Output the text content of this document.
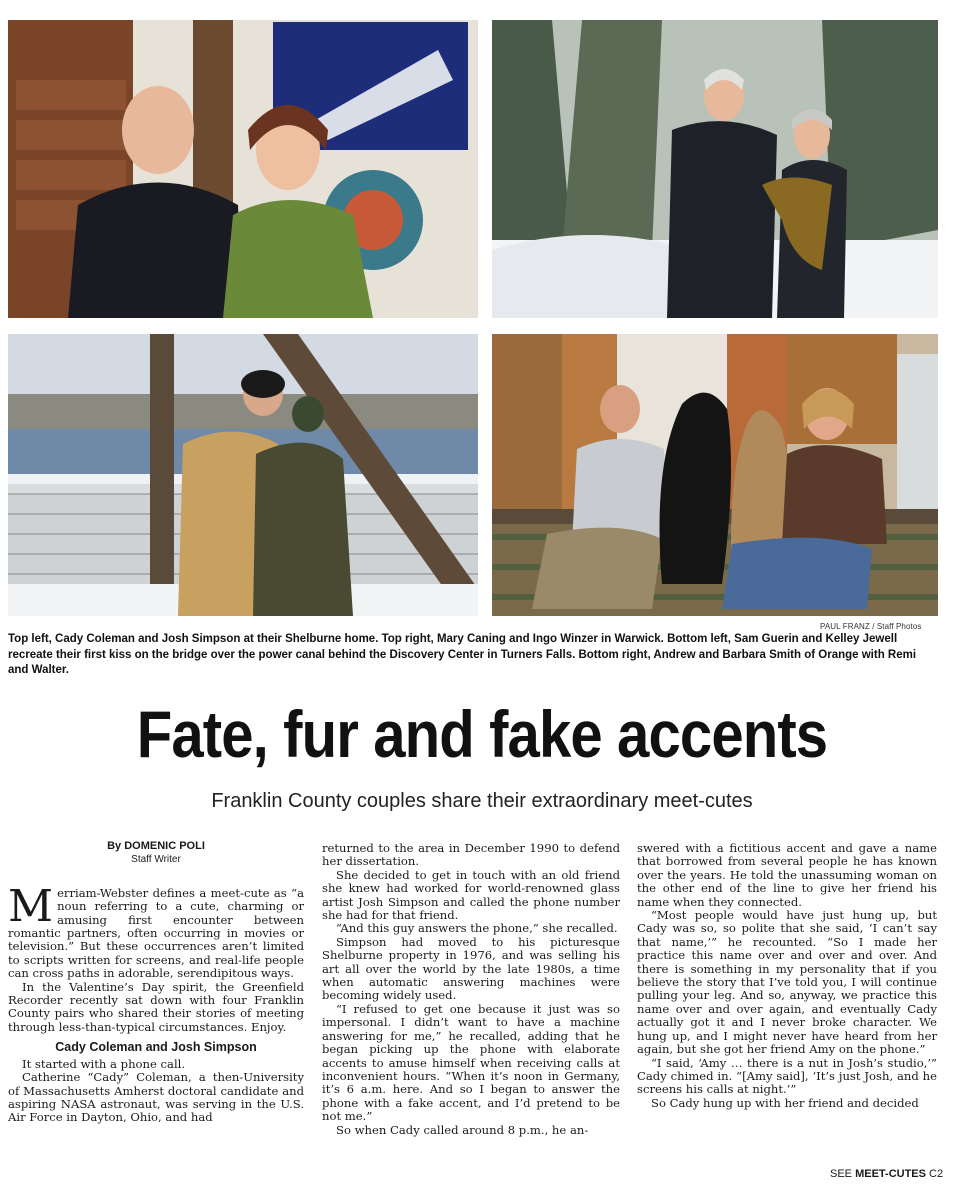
PAUL FRANZ / Staff Photos
Top left, Cady Coleman and Josh Simpson at their Shelburne home. Top right, Mary Caning and Ingo Winzer in Warwick. Bottom left, Sam Guerin and Kelley Jewell recreate their first kiss on the bridge over the power canal behind the Discovery Center in Turners Falls. Bottom right, Andrew and Barbara Smith of Orange with Remi and Walter.
Fate, fur and fake accents
Franklin County couples share their extraordinary meet-cutes
By DOMENIC POLI
Staff Writer

Merriam-Webster defines a meet-cute as “a noun referring to a cute, charming or amusing first encounter between romantic partners, often occurring in movies or television.” But these occurrences aren’t limited to scripts written for screens, and real-life people can cross paths in adorable, serendipitous ways.

In the Valentine’s Day spirit, the Greenfield Recorder recently sat down with four Franklin County pairs who shared their stories of meeting through less-than-typical circumstances. Enjoy.

Cady Coleman and Josh Simpson

It started with a phone call.

Catherine “Cady” Coleman, a then-University of Massachusetts Amherst doctoral candidate and aspiring NASA astronaut, was serving in the U.S. Air Force in Dayton, Ohio, and had

returned to the area in December 1990 to defend her dissertation.

She decided to get in touch with an old friend she knew had worked for world-renowned glass artist Josh Simpson and called the phone number she had for that friend.

“And this guy answers the phone,” she recalled.

Simpson had moved to his picturesque Shelburne property in 1976, and was selling his art all over the world by the late 1980s, a time when automatic answering machines were becoming widely used.

“I refused to get one because it just was so impersonal. I didn’t want to have a machine answering for me,” he recalled, adding that he began picking up the phone with elaborate accents to amuse himself when receiving calls at inconvenient hours. “When it’s noon in Germany, it’s 6 a.m. here. And so I began to answer the phone with a fake accent, and I’d pretend to be not me.”

So when Cady called around 8 p.m., he an-

swered with a fictitious accent and gave a name that borrowed from several people he has known over the years. He told the unassuming woman on the other end of the line to give her friend his name when they connected.

“Most people would have just hung up, but Cady was so, so polite that she said, ‘I can’t say that name,’” he recounted. “So I made her practice this name over and over and over. And there is something in my personality that if you believe the story that I’ve told you, I will continue pulling your leg. And so, anyway, we practice this name over and over again, and eventually Cady actually got it and I never broke character. We hung up, and I might never have heard from her again, but she got her friend Amy on the phone.”

“I said, ‘Amy … there is a nut in Josh’s studio,’” Cady chimed in. “[Amy said], ‘It’s just Josh, and he screens his calls at night.’”

So Cady hung up with her friend and decided

SEE MEET-CUTES C2
